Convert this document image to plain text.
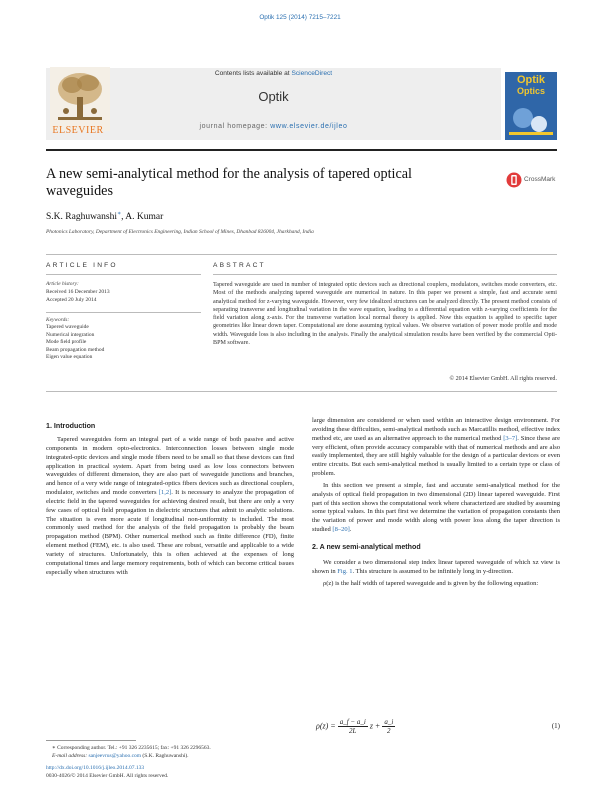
Optik 125 (2014) 7215–7221
Contents lists available at ScienceDirect
Optik
journal homepage: www.elsevier.de/ijleo
ELSEVIER
Optik
Optics
A new semi-analytical method for the analysis of tapered optical waveguides
CrossMark
S.K. Raghuwanshi∗, A. Kumar
Photonics Laboratory, Department of Electronics Engineering, Indian School of Mines, Dhanbad 826004, Jharkhand, India
ARTICLE INFO	ABSTRACT
Article history:
Received 16 December 2013
Accepted 20 July 2014
Keywords:
Tapered waveguide
Numerical integration
Mode field profile
Beam propagation method
Eigen value equation
Tapered waveguide are used in number of integrated optic devices such as directional couplers, modulators, switches mode converters, etc. Most of the methods analyzing tapered waveguide are numerical in nature. In this paper we present a simple, fast and accurate semi analytical method for z-varying waveguide. However, very few idealized structures can be analyzed directly. The present method consists of separating transverse and longitudinal variation in the wave equation, leading to a differential equation with z-varying coefficients for the field variation along z-axis. For the transverse variation local normal theory is applied. Now this equation is applied to specific taper geometries like linear down taper. Computational are done assuming typical values. We observe variation of power mode profile and mode width. Waveguide loss is also including in the analysis. Finally the analytical simulation results have been verified by the commercial Opti-BPM software.
© 2014 Elsevier GmbH. All rights reserved.
1. Introduction

Tapered waveguides form an integral part of a wide range of both passive and active components in modern opto-electronics. Interconnection losses between single mode integrated-optic devices and single mode fibers need to be small so that these devices can find application in practical system. Apart from being used as low loss connectors between waveguides of different dimension, they are also part of waveguide junctions and branches, and hence of a very wide range of integrated-optics fibers devices such as directional couplers, modulator, switches and mode converters [1,2]. It is necessary to analyze the propagation of electric field in the tapered waveguides for achieving desired result, but there are only a very few cases of optical field propagation in dielectric structures that admit to analytic solutions. The situation is even more acute if longitudinal non-uniformity is included. The most commonly used method for the analysis of the field propagation is probably the beam propagation method (BPM). Other numerical method such as finite difference (FD), finite element method (FEM), etc. is also used. These are robust, versatile and applicable to a wide variety of structures. Unfortunately, this is often achieved at the expenses of long computational times and large memory requirements, both of which can become critical issues especially when structures with

large dimension are considered or when used within an interactive design environment. For avoiding these difficulties, semi-analytical methods such as Marcatillis method, effective index method etc, are used as an alternative approach to the numerical method [3–7]. Since these are very efficient, often provide accuracy comparable with that of numerical methods and are also easily implemented, they are still highly valuable for the design of a particular devices or even entire circuits. But each semi-analytical method is usually limited to a certain type or class of problem.

In this section we present a simple, fast and accurate semi-analytical method for the analysis of optical field propagation in two dimensional (2D) linear tapered waveguide. First part of this section shows the computational work where characterized are studied by assuming some typical values. In this part first we determine the variation of propagation constants then the variation of power and mode width along with power loss along the taper direction is studied [8–20].

2. A new semi-analytical method

We consider a two dimensional step index linear tapered waveguide of which xz view is shown in Fig. 1. This structure is assumed to be infinitely long in y-direction.

ρ(z) is the half width of tapered waveguide and is given by the following equation:

$\rho(z) = \frac{a\_f - a\_i}{2L}$ $z + \frac{a\_i}{2}$	(1)
∗ Corresponding author. Tel.: +91 326 2235615; fax: +91 326 2296563.
E-mail address: sanjeevrus@yahoo.com (S.K. Raghuwanshi).
http://dx.doi.org/10.1016/j.ijleo.2014.07.133
0030-4026/© 2014 Elsevier GmbH. All rights reserved.
